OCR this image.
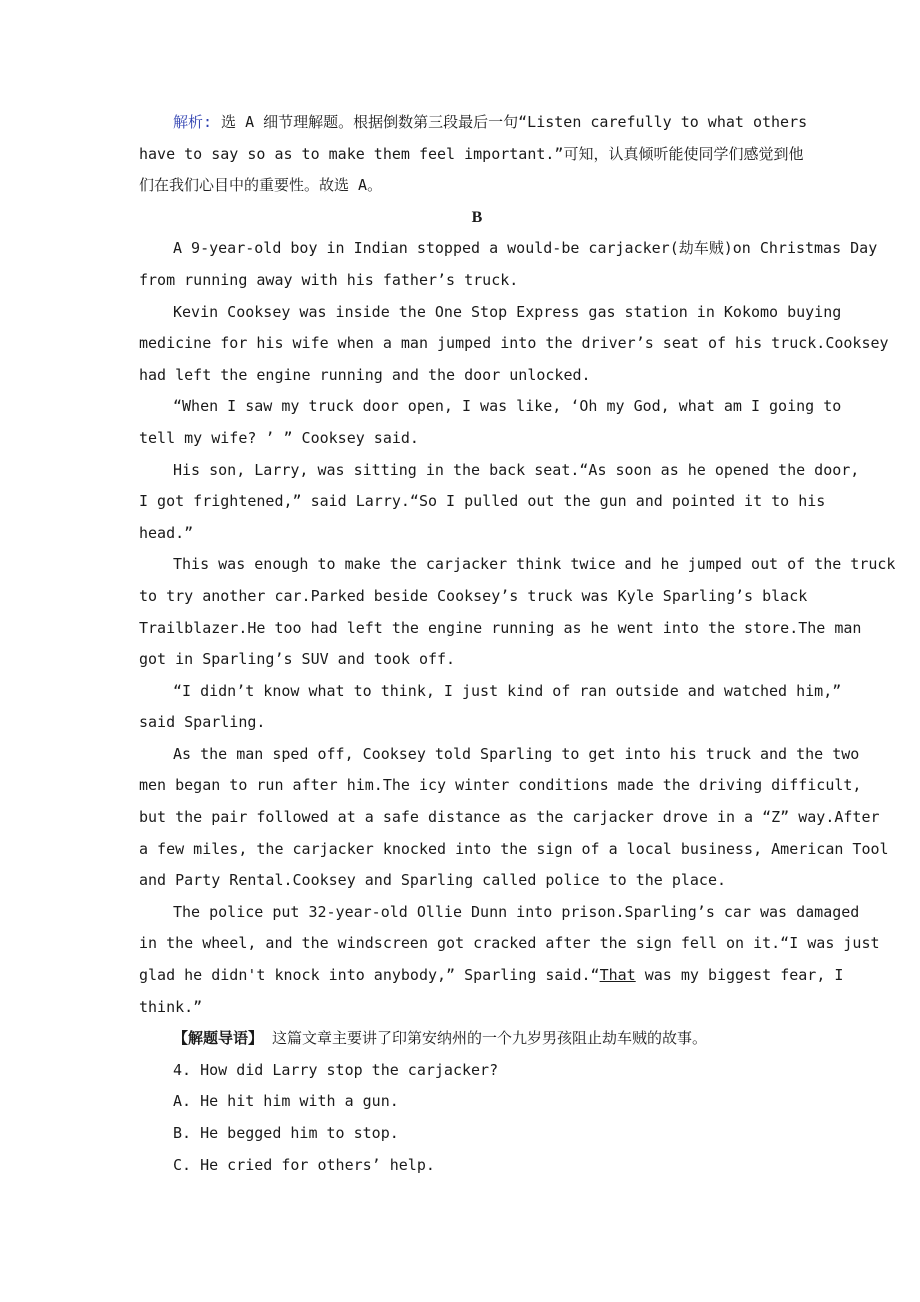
解析: 选 A 细节理解题。根据倒数第三段最后一句“Listen carefully to what others
have to say so as to make them feel important.”可知，认真倾听能使同学们感觉到他
们在我们心目中的重要性。故选 A。
B
A 9-year-old boy in Indian stopped a would-be carjacker(劫车贼)on Christmas Day
from running away with his father’s truck.
Kevin Cooksey was inside the One Stop Express gas station in Kokomo buying
medicine for his wife when a man jumped into the driver’s seat of his truck.Cooksey
had left the engine running and the door unlocked.
“When I saw my truck door open, I was like, ‘Oh my God, what am I going to
tell my wife? ’ ” Cooksey said.
His son, Larry, was sitting in the back seat.“As soon as he opened the door,
I got frightened,” said Larry.“So I pulled out the gun and pointed it to his
head.”
This was enough to make the carjacker think twice and he jumped out of the truck
to try another car.Parked beside Cooksey’s truck was Kyle Sparling’s black
Trailblazer.He too had left the engine running as he went into the store.The man
got in Sparling’s SUV and took off.
“I didn’t know what to think, I just kind of ran outside and watched him,”
said Sparling.
As the man sped off, Cooksey told Sparling to get into his truck and the two
men began to run after him.The icy winter conditions made the driving difficult,
but the pair followed at a safe distance as the carjacker drove in a “Z” way.After
a few miles, the carjacker knocked into the sign of a local business, American Tool
and Party Rental.Cooksey and Sparling called police to the place.
The police put 32-year-old Ollie Dunn into prison.Sparling’s car was damaged
in the wheel, and the windscreen got cracked after the sign fell on it.“I was just
glad he didn't knock into anybody,” Sparling said.“That was my biggest fear, I
think.”
【解题导语】 这篇文章主要讲了印第安纳州的一个九岁男孩阻止劫车贼的故事。
4. How did Larry stop the carjacker?
A. He hit him with a gun.
B. He begged him to stop.
C. He cried for others’ help.
